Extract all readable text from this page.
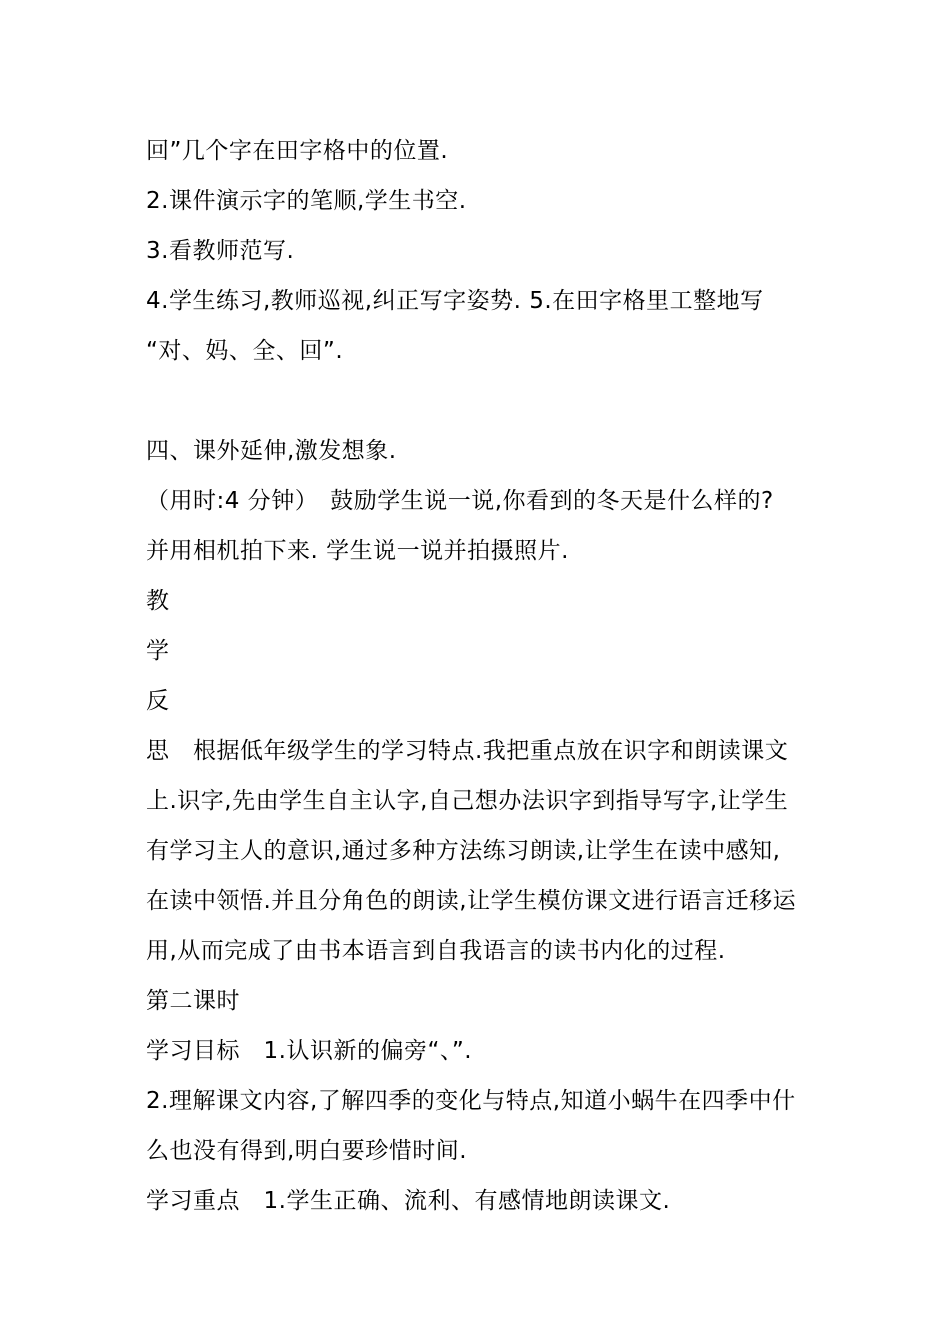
回”几个字在田字格中的位置.
2.课件演示字的笔顺,学生书空.
3.看教师范写.
4.学生练习,教师巡视,纠正写字姿势. 5.在田字格里工整地写
“对、妈、全、回”.
四、课外延伸,激发想象.
（用时:4 分钟）　鼓励学生说一说,你看到的冬天是什么样的?
并用相机拍下来. 学生说一说并拍摄照片.
教
学
反
思　根据低年级学生的学习特点.我把重点放在识字和朗读课文
上.识字,先由学生自主认字,自己想办法识字到指导写字,让学生
有学习主人的意识,通过多种方法练习朗读,让学生在读中感知,
在读中领悟.并且分角色的朗读,让学生模仿课文进行语言迁移运
用,从而完成了由书本语言到自我语言的读书内化的过程.
第二课时
学习目标　1.认识新的偏旁“、”.
2.理解课文内容,了解四季的变化与特点,知道小蜗牛在四季中什
么也没有得到,明白要珍惜时间.
学习重点　1.学生正确、流利、有感情地朗读课文.
